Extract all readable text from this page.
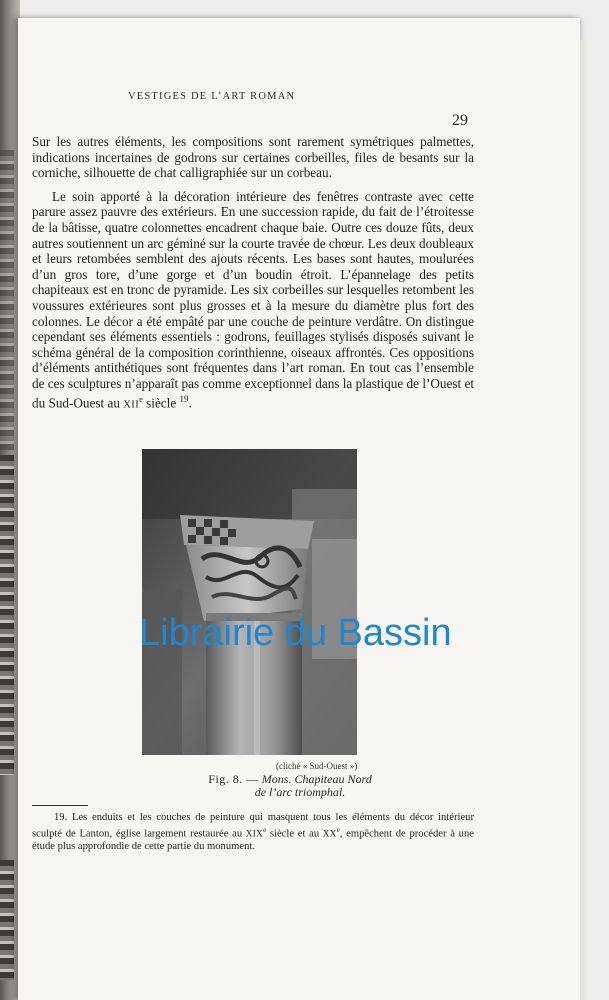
VESTIGES DE L’ART ROMAN
29

Sur les autres éléments, les compositions sont rarement symétriques palmettes, indications incertaines de godrons sur certaines corbeilles, files de besants sur la corniche, silhouette de chat calligraphiée sur un corbeau.

Le soin apporté à la décoration intérieure des fenêtres contraste avec cette parure assez pauvre des extérieurs. En une succession rapide, du fait de l’étroitesse de la bâtisse, quatre colonnettes encadrent chaque baie. Outre ces douze fûts, deux autres soutiennent un arc géminé sur la courte travée de chœur. Les deux doubleaux et leurs retombées semblent des ajouts récents. Les bases sont hautes, moulurées d’un gros tore, d’une gorge et d’un boudin étroit. L’épannelage des petits chapiteaux est en tronc de pyramide. Les six corbeilles sur lesquelles retombent les voussures extérieures sont plus grosses et à la mesure du diamètre plus fort des colonnes. Le décor a été empâté par une couche de peinture verdâtre. On distingue cependant ses éléments essentiels : godrons, feuillages stylisés disposés suivant le schéma général de la composition corinthienne, oiseaux affrontés. Ces oppositions d’éléments antithétiques sont fréquentes dans l’art roman. En tout cas l’ensemble de ces sculptures n’apparaît pas comme exceptionnel dans la plastique de l’Ouest et du Sud-Ouest au XIIe siècle $^{19}$.

(cliché « Sud-Ouest »)
Fig. 8. — Mons. Chapiteau Nord
de l’arc triomphal.

19. Les enduits et les couches de peinture qui masquent tous les éléments du décor intérieur sculpté de Lanton, église largement restaurée au XIXe siècle et au XXe, empêchent de procéder à une étude plus approfondie de cette partie du monument.

Librairie du Bassin
